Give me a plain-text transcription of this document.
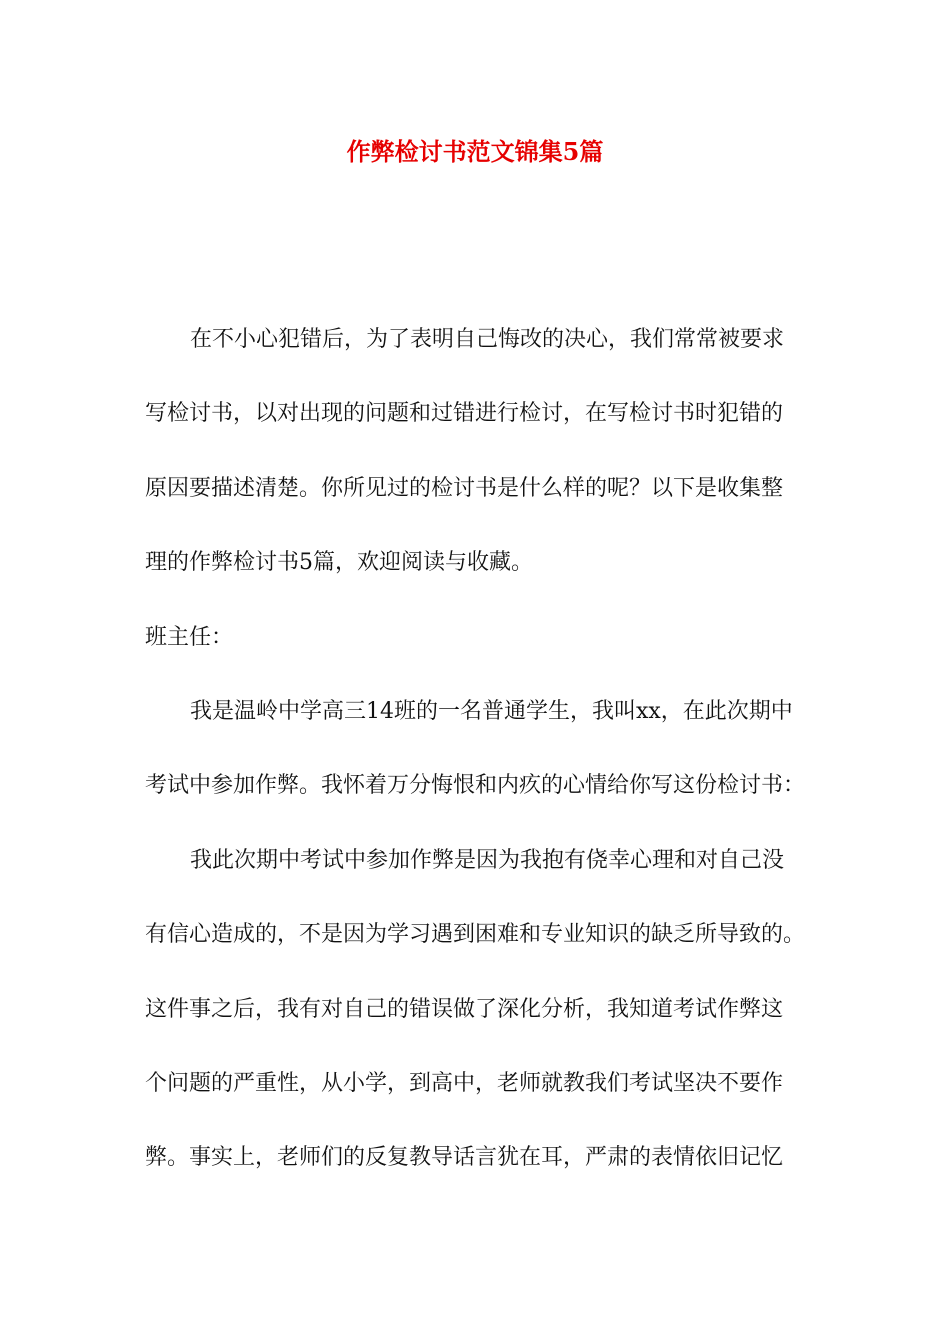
作弊检讨书范文锦集5篇
在不小心犯错后，为了表明自己悔改的决心，我们常常被要求
写检讨书，以对出现的问题和过错进行检讨，在写检讨书时犯错的
原因要描述清楚。你所见过的检讨书是什么样的呢？以下是收集整
理的作弊检讨书5篇，欢迎阅读与收藏。
班主任：
我是温岭中学高三14班的一名普通学生，我叫xx，在此次期中
考试中参加作弊。我怀着万分悔恨和内疚的心情给你写这份检讨书：
我此次期中考试中参加作弊是因为我抱有侥幸心理和对自己没
有信心造成的，不是因为学习遇到困难和专业知识的缺乏所导致的。
这件事之后，我有对自己的错误做了深化分析，我知道考试作弊这
个问题的严重性，从小学，到高中，老师就教我们考试坚决不要作
弊。事实上，老师们的反复教导话言犹在耳，严肃的表情依旧记忆
